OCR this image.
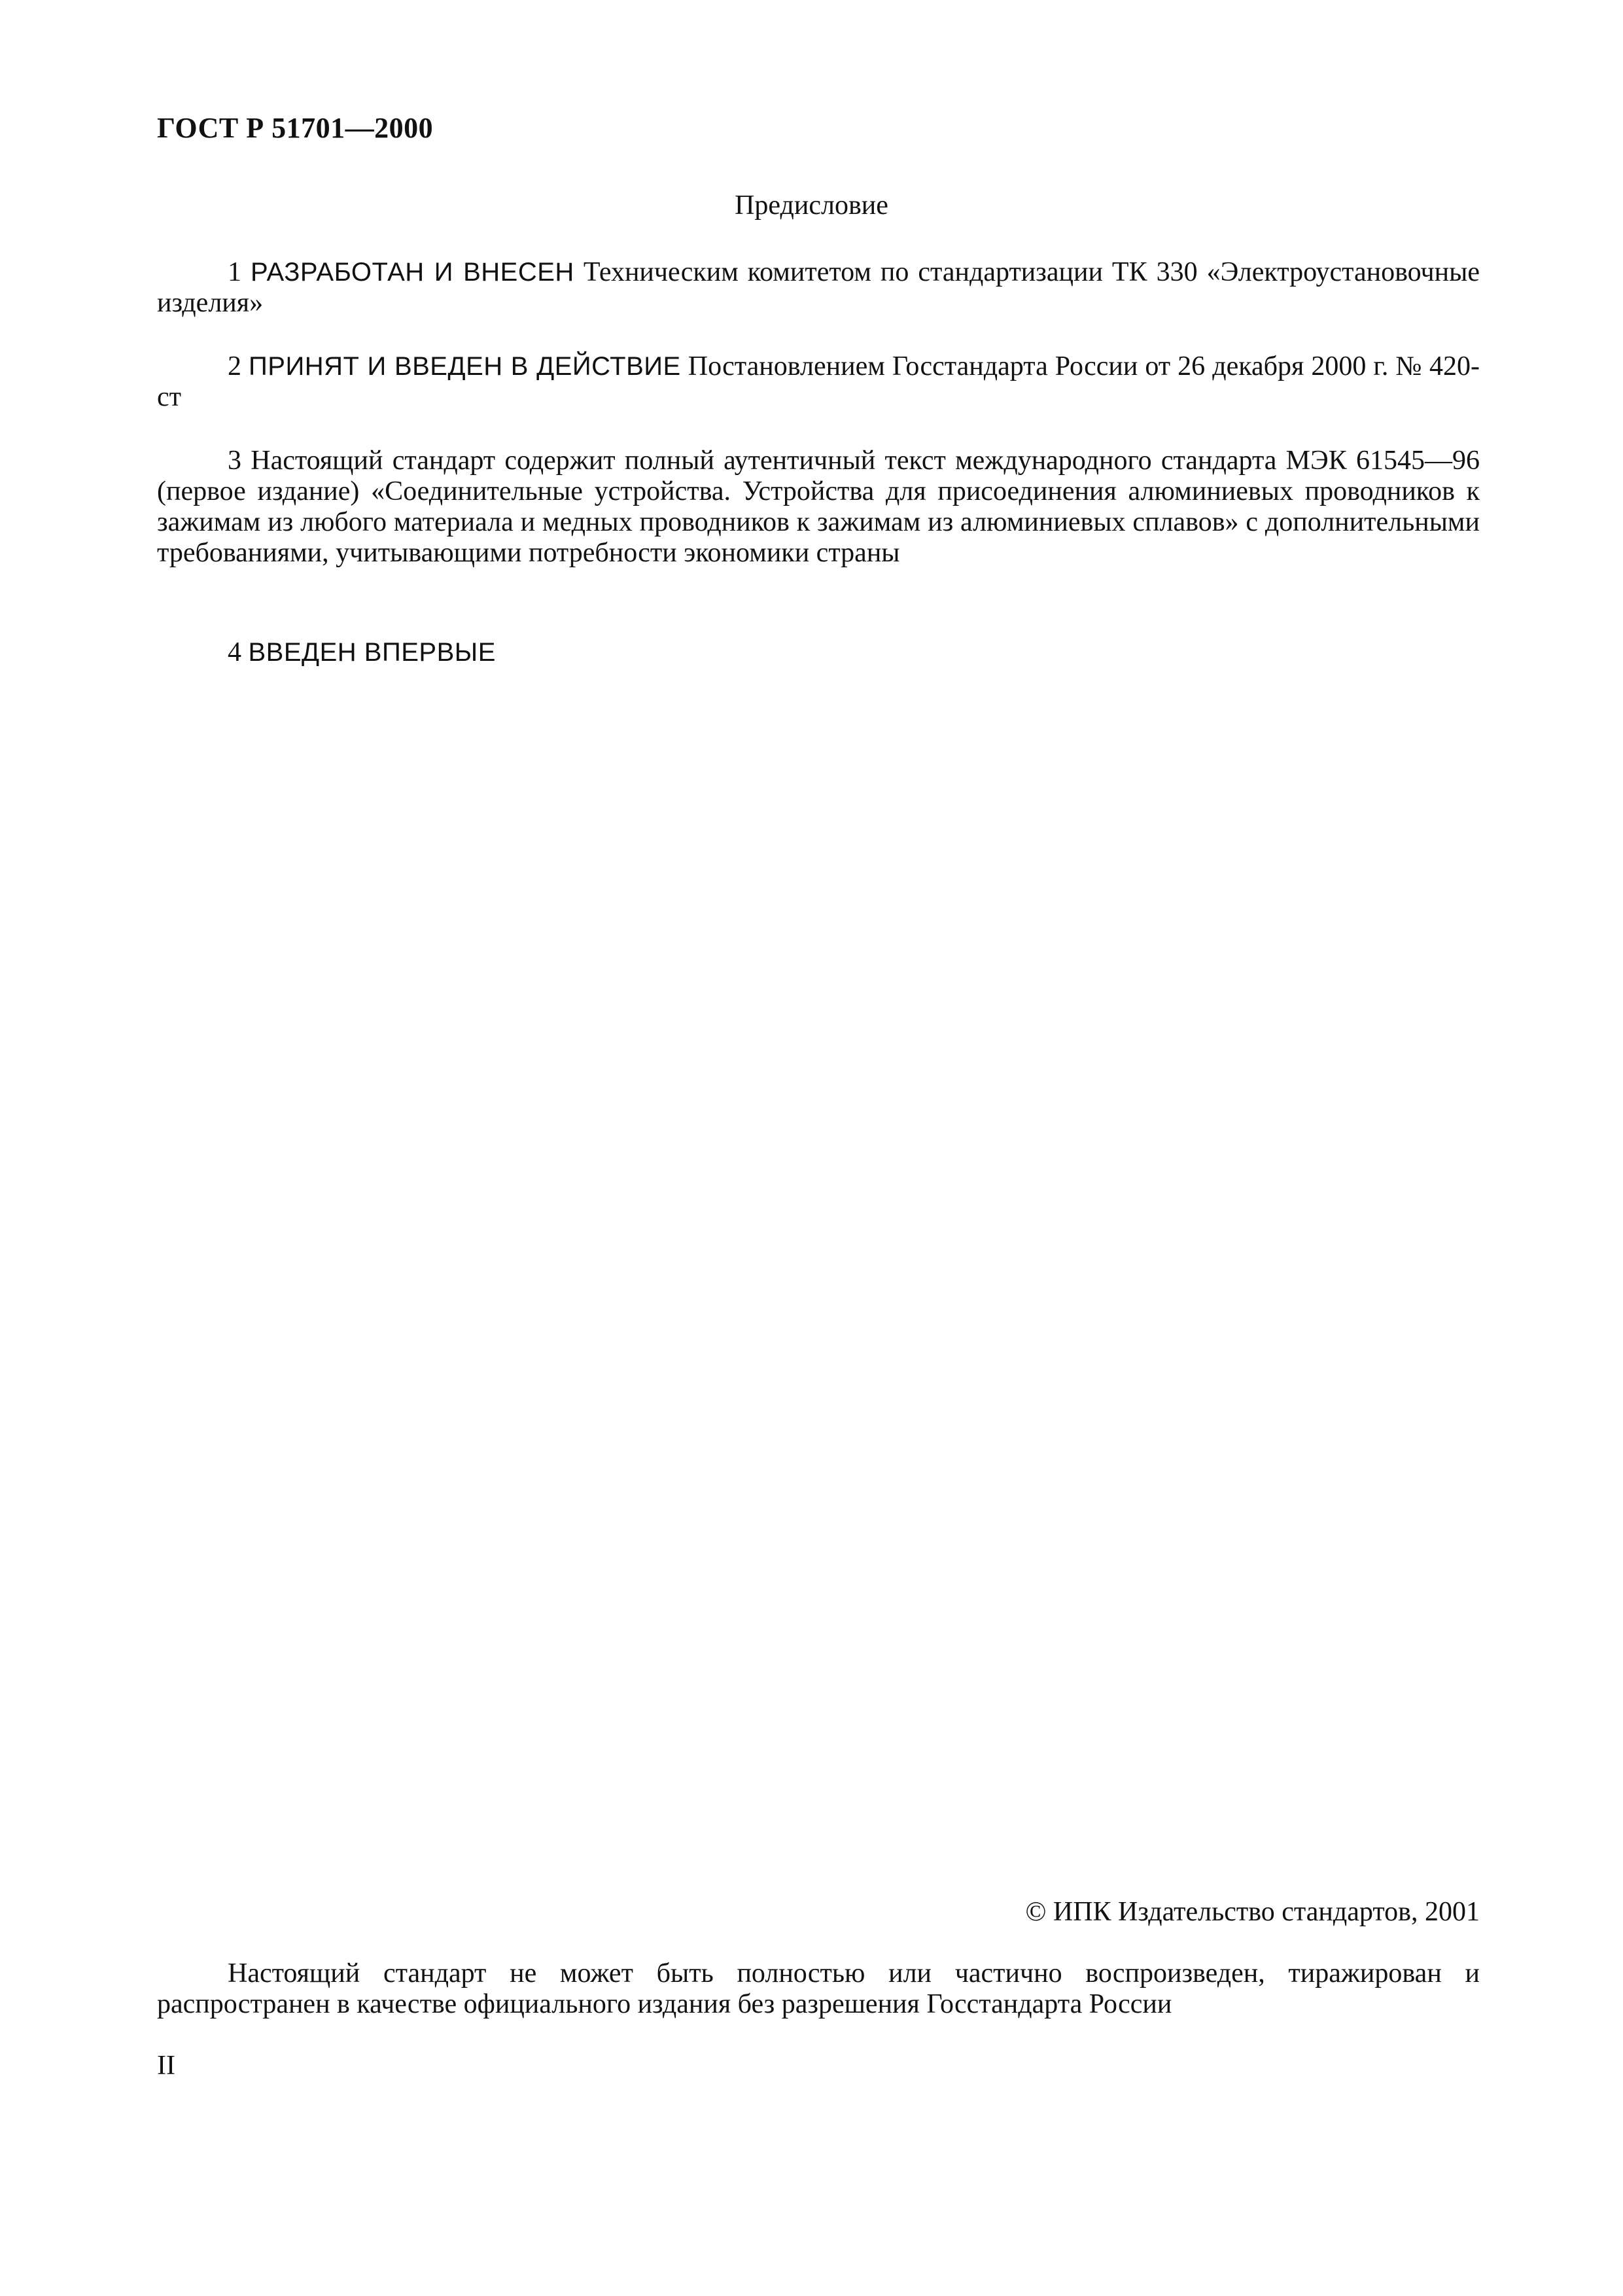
ГОСТ Р 51701—2000
Предисловие
1 РАЗРАБОТАН И ВНЕСЕН Техническим комитетом по стандартизации ТК 330 «Электроустановочные изделия»
2 ПРИНЯТ И ВВЕДЕН В ДЕЙСТВИЕ Постановлением Госстандарта России от 26 декабря 2000 г. № 420-ст
3 Настоящий стандарт содержит полный аутентичный текст международного стандарта МЭК 61545—96 (первое издание) «Соединительные устройства. Устройства для присоединения алюминиевых проводников к зажимам из любого материала и медных проводников к зажимам из алюминиевых сплавов» с дополнительными требованиями, учитывающими потребности экономики страны
4 ВВЕДЕН ВПЕРВЫЕ
© ИПК Издательство стандартов, 2001
Настоящий стандарт не может быть полностью или частично воспроизведен, тиражирован и распространен в качестве официального издания без разрешения Госстандарта России
II
